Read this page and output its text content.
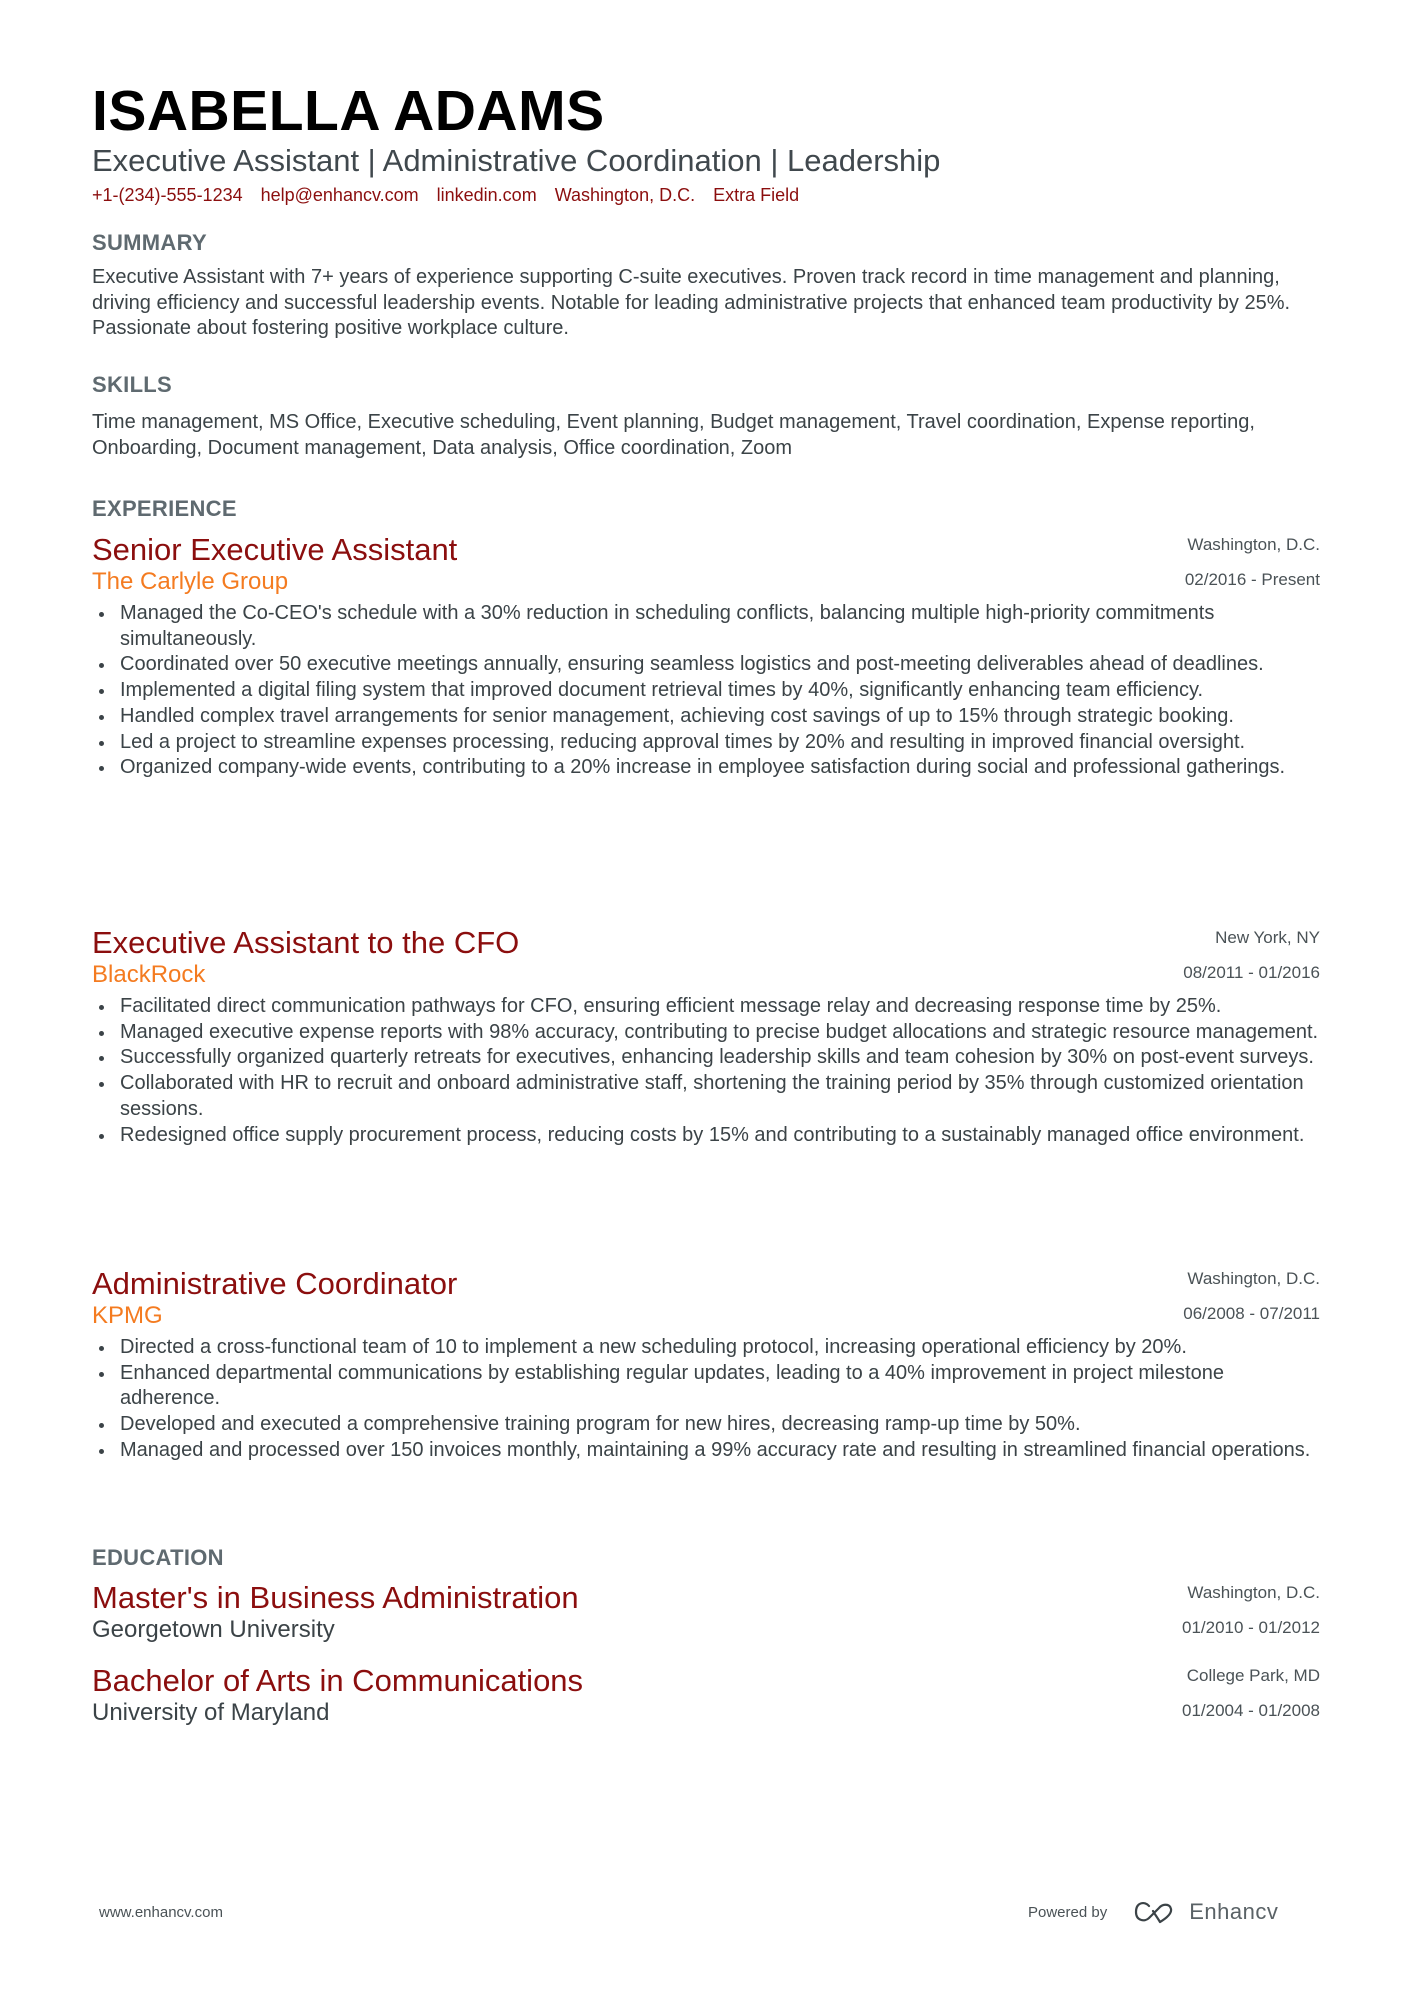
ISABELLA ADAMS
Executive Assistant | Administrative Coordination | Leadership
+1-(234)-555-1234 help@enhancv.com linkedin.com Washington, D.C. Extra Field
SUMMARY
Executive Assistant with 7+ years of experience supporting C-suite executives. Proven track record in time management and planning, driving efficiency and successful leadership events. Notable for leading administrative projects that enhanced team productivity by 25%. Passionate about fostering positive workplace culture.
SKILLS
Time management, MS Office, Executive scheduling, Event planning, Budget management, Travel coordination, Expense reporting, Onboarding, Document management, Data analysis, Office coordination, Zoom
EXPERIENCE
Senior Executive Assistant
The Carlyle Group
Washington, D.C.
02/2016 - Present
Managed the Co-CEO's schedule with a 30% reduction in scheduling conflicts, balancing multiple high-priority commitments simultaneously.
Coordinated over 50 executive meetings annually, ensuring seamless logistics and post-meeting deliverables ahead of deadlines.
Implemented a digital filing system that improved document retrieval times by 40%, significantly enhancing team efficiency.
Handled complex travel arrangements for senior management, achieving cost savings of up to 15% through strategic booking.
Led a project to streamline expenses processing, reducing approval times by 20% and resulting in improved financial oversight.
Organized company-wide events, contributing to a 20% increase in employee satisfaction during social and professional gatherings.
Executive Assistant to the CFO
BlackRock
New York, NY
08/2011 - 01/2016
Facilitated direct communication pathways for CFO, ensuring efficient message relay and decreasing response time by 25%.
Managed executive expense reports with 98% accuracy, contributing to precise budget allocations and strategic resource management.
Successfully organized quarterly retreats for executives, enhancing leadership skills and team cohesion by 30% on post-event surveys.
Collaborated with HR to recruit and onboard administrative staff, shortening the training period by 35% through customized orientation sessions.
Redesigned office supply procurement process, reducing costs by 15% and contributing to a sustainably managed office environment.
Administrative Coordinator
KPMG
Washington, D.C.
06/2008 - 07/2011
Directed a cross-functional team of 10 to implement a new scheduling protocol, increasing operational efficiency by 20%.
Enhanced departmental communications by establishing regular updates, leading to a 40% improvement in project milestone adherence.
Developed and executed a comprehensive training program for new hires, decreasing ramp-up time by 50%.
Managed and processed over 150 invoices monthly, maintaining a 99% accuracy rate and resulting in streamlined financial operations.
EDUCATION
Master's in Business Administration
Georgetown University
Washington, D.C.
01/2010 - 01/2012
Bachelor of Arts in Communications
University of Maryland
College Park, MD
01/2004 - 01/2008
www.enhancv.com	Powered by	Enhancv
